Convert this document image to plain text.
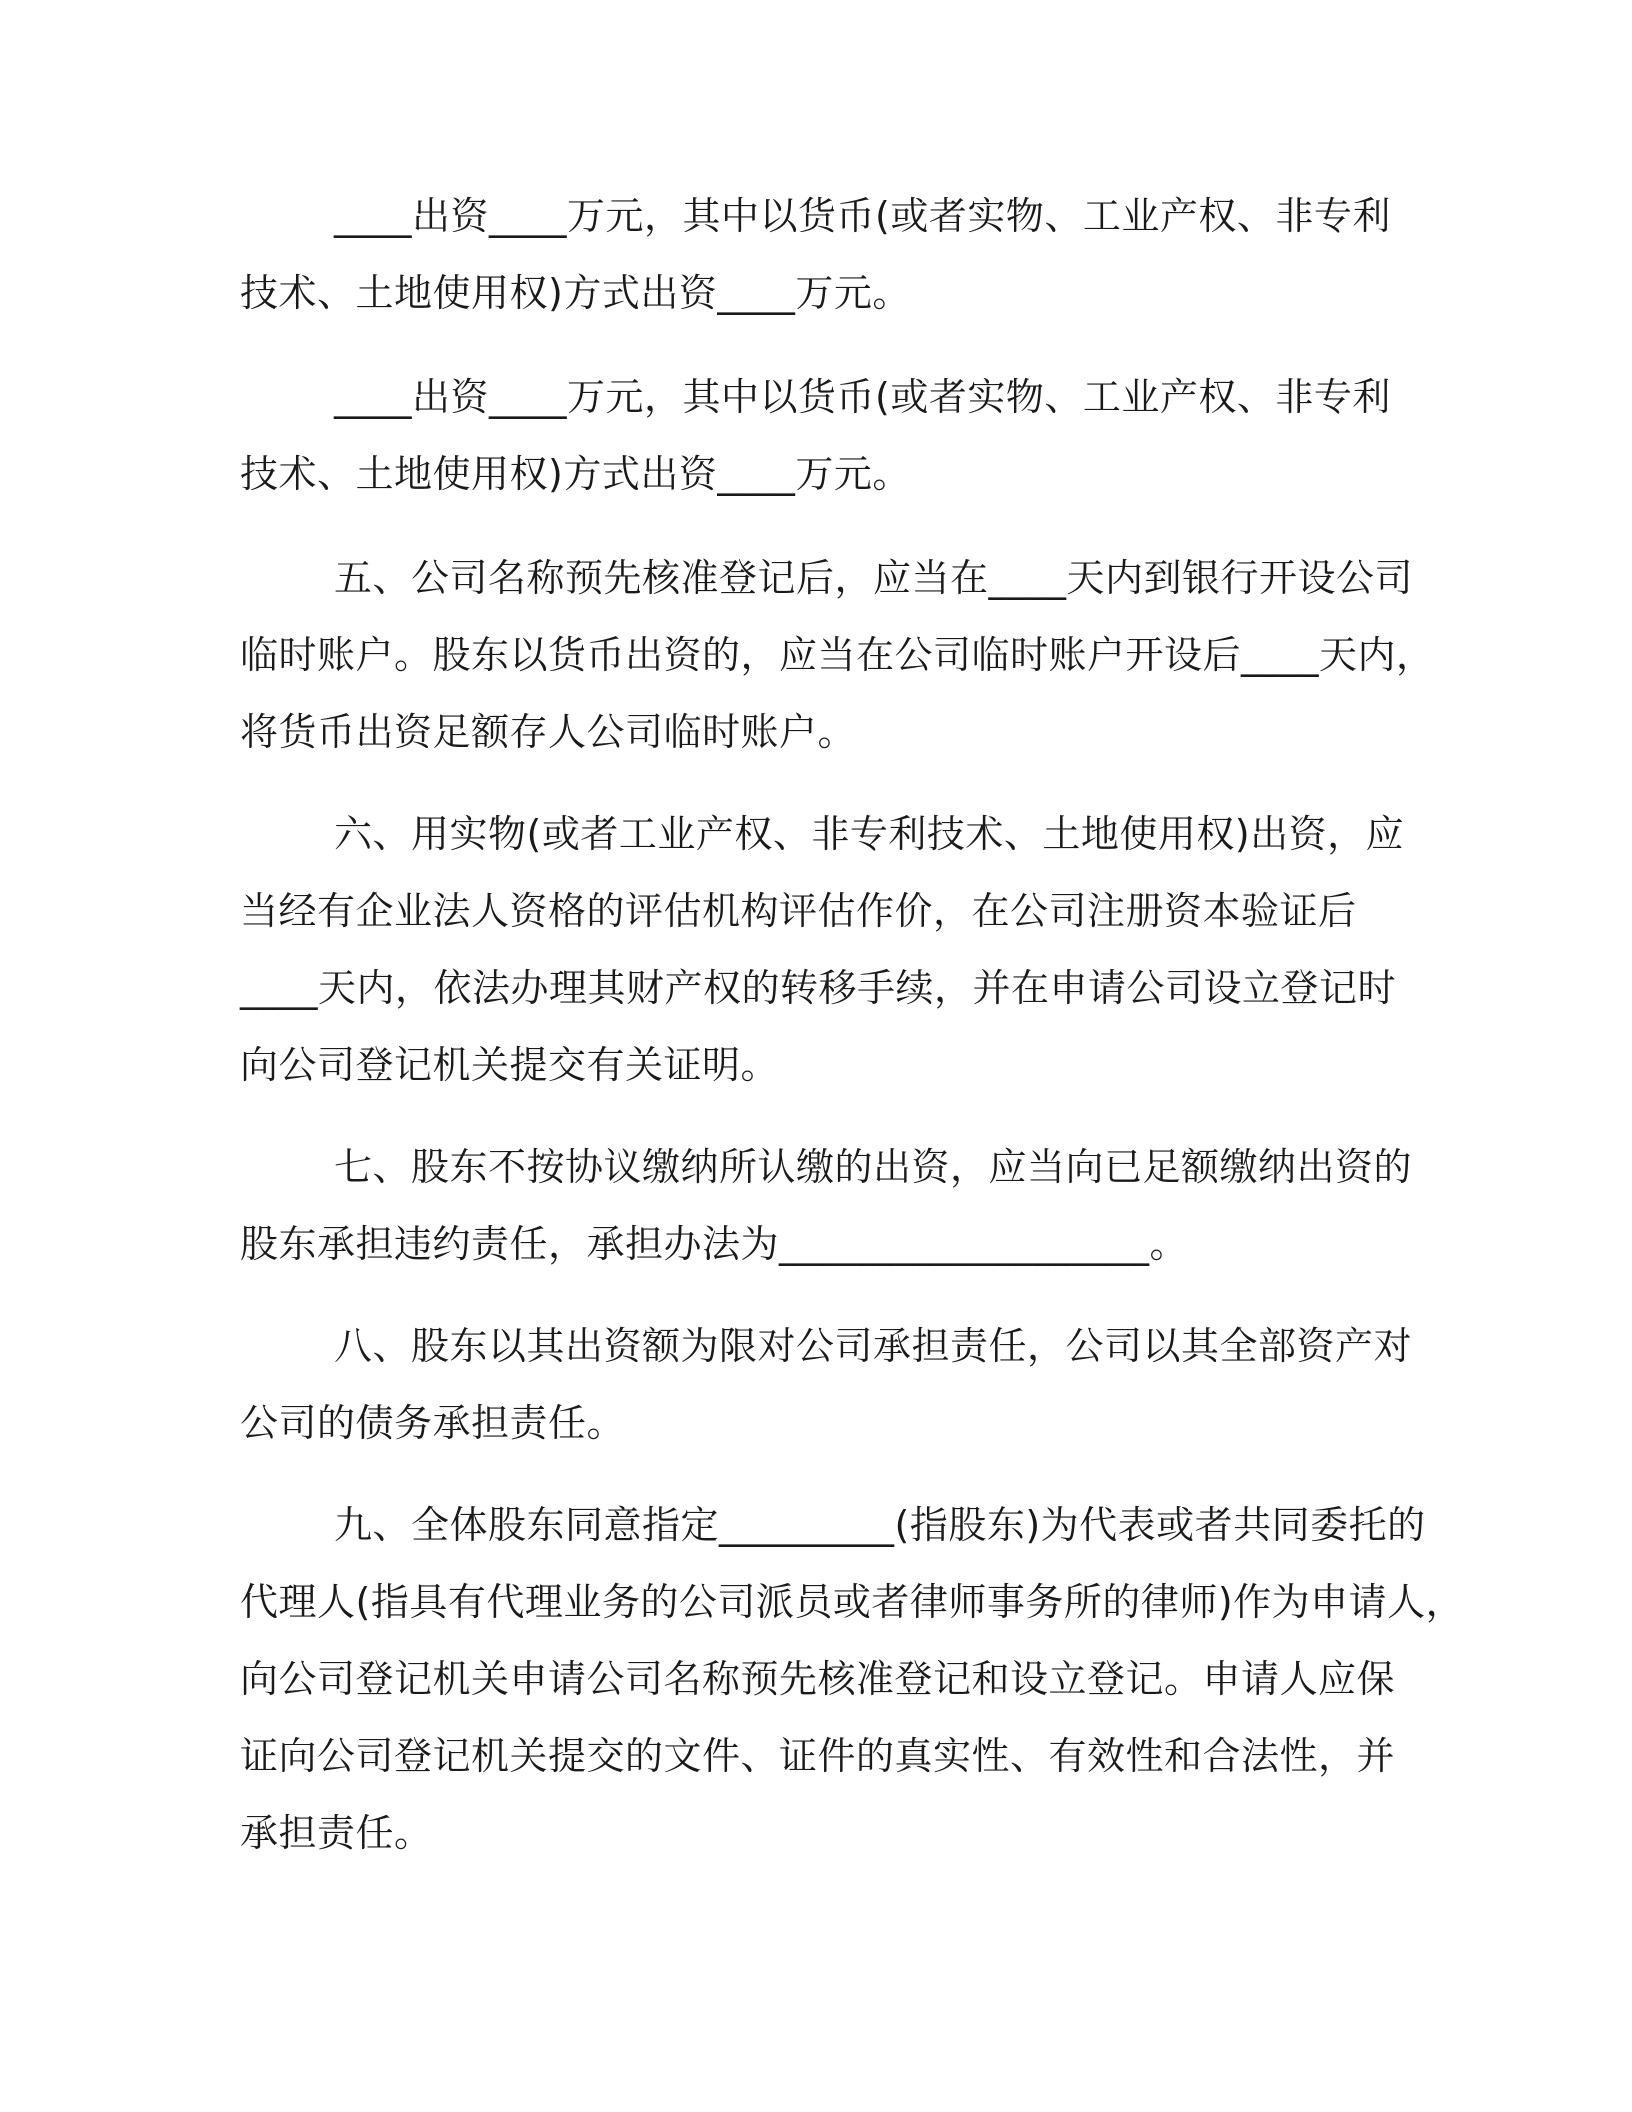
____出资____万元，其中以货币(或者实物、工业产权、非专利

技术、土地使用权)方式出资____万元。

____出资____万元，其中以货币(或者实物、工业产权、非专利

技术、土地使用权)方式出资____万元。

五、公司名称预先核准登记后，应当在____天内到银行开设公司

临时账户。股东以货币出资的，应当在公司临时账户开设后____天内，

将货币出资足额存人公司临时账户。

六、用实物(或者工业产权、非专利技术、土地使用权)出资，应

当经有企业法人资格的评估机构评估作价，在公司注册资本验证后

____天内，依法办理其财产权的转移手续，并在申请公司设立登记时

向公司登记机关提交有关证明。

七、股东不按协议缴纳所认缴的出资，应当向已足额缴纳出资的

股东承担违约责任，承担办法为___________________。

八、股东以其出资额为限对公司承担责任，公司以其全部资产对

公司的债务承担责任。

九、全体股东同意指定_________(指股东)为代表或者共同委托的

代理人(指具有代理业务的公司派员或者律师事务所的律师)作为申请人，

向公司登记机关申请公司名称预先核准登记和设立登记。申请人应保

证向公司登记机关提交的文件、证件的真实性、有效性和合法性，并

承担责任。
